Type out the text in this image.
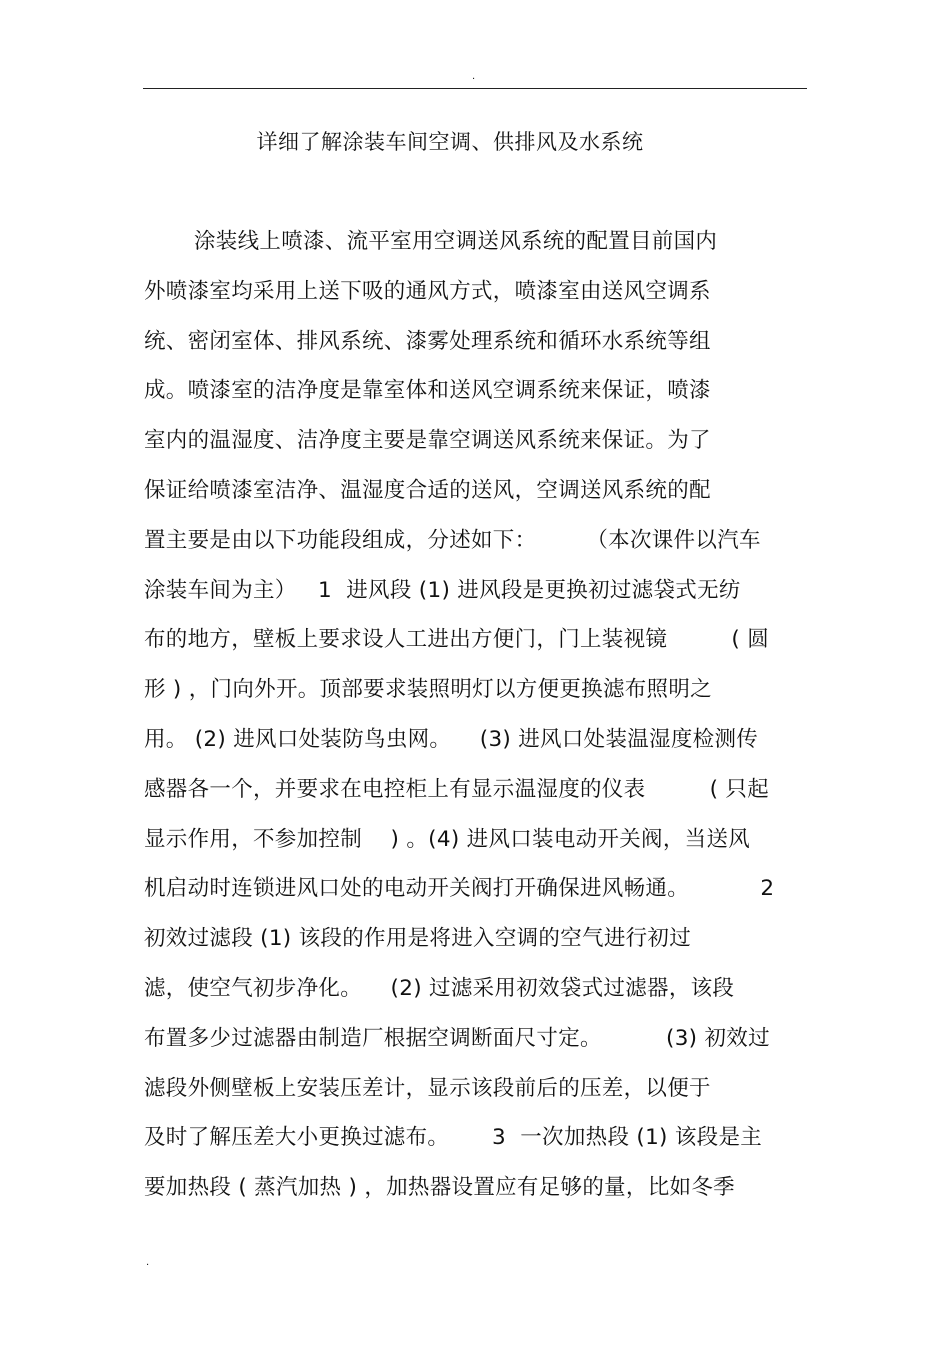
.
详细了解涂装车间空调、供排风及水系统
涂装线上喷漆、流平室用空调送风系统的配置目前国内
外喷漆室均采用上送下吸的通风方式，喷漆室由送风空调系
统、密闭室体、排风系统、漆雾处理系统和循环水系统等组
成。喷漆室的洁净度是靠室体和送风空调系统来保证，喷漆
室内的温湿度、洁净度主要是靠空调送风系统来保证。为了
保证给喷漆室洁净、温湿度合适的送风，空调送风系统的配
置主要是由以下功能段组成，分述如下：       （本次课件以汽车
涂装车间为主）   1  进风段 (1) 进风段是更换初过滤袋式无纺
布的地方，壁板上要求设人工进出方便门，门上装视镜         ( 圆
形 ) ，门向外开。顶部要求装照明灯以方便更换滤布照明之
用。 (2) 进风口处装防鸟虫网。    (3) 进风口处装温湿度检测传
感器各一个，并要求在电控柜上有显示温湿度的仪表         ( 只起
显示作用，不参加控制    ) 。(4) 进风口装电动开关阀，当送风
机启动时连锁进风口处的电动开关阀打开确保进风畅通。          2
初效过滤段 (1) 该段的作用是将进入空调的空气进行初过
滤，使空气初步净化。    (2) 过滤采用初效袋式过滤器，该段
布置多少过滤器由制造厂根据空调断面尺寸定。         (3) 初效过
滤段外侧壁板上安装压差计，显示该段前后的压差，以便于
及时了解压差大小更换过滤布。      3  一次加热段 (1) 该段是主
要加热段 ( 蒸汽加热 ) ，加热器设置应有足够的量，比如冬季
.
